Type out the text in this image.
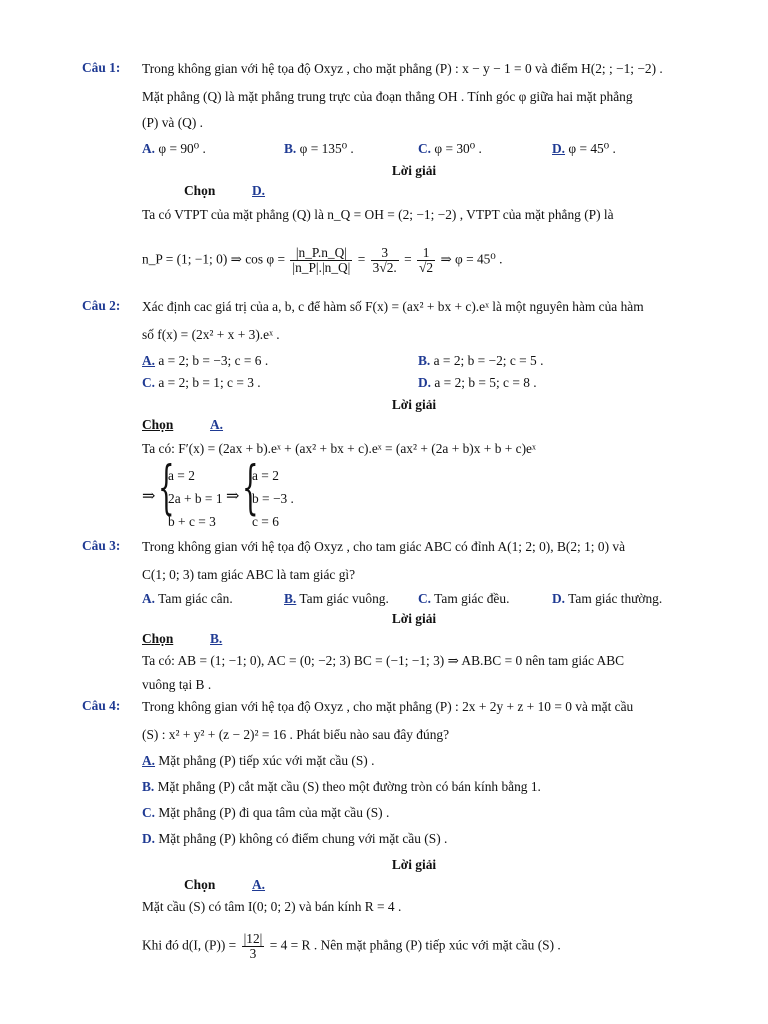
Câu 1: Trong không gian với hệ tọa độ Oxyz , cho mặt phẳng (P) : x − y − 1 = 0 và điểm H(2; ; −1; −2) .
Mặt phẳng (Q) là mặt phẳng trung trực của đoạn thẳng OH . Tính góc φ giữa hai mặt phẳng
(P) và (Q) .
A. φ = 90⁰ .	B. φ = 135⁰ .	C. φ = 30⁰ .	D. φ = 45⁰ .
Lời giải
Chọn	D.
Ta có VTPT của mặt phẳng (Q) là n_Q = OH = (2; −1; −2) , VTPT của mặt phẳng (P) là
n_P = (1; −1; 0) ⇒ $\cos \varphi = \frac{|n\_P.n\_Q|}{|n\_P|.|n\_Q|} = \frac{3}{3√2.} = \frac{1}{√2}$ ⇒ φ = 45⁰ .
Câu 2: Xác định cac giá trị của a, b, c để hàm số F(x) = (ax² + bx + c).eˣ là một nguyên hàm của hàm
số f(x) = (2x² + x + 3).eˣ .
A. a = 2; b = −3; c = 6 .	B. a = 2; b = −2; c = 5 .
C. a = 2; b = 1; c = 3 .	D. a = 2; b = 5; c = 8 .
Lời giải
Chọn	A.
Ta có: F′(x) = (2ax + b).eˣ + (ax² + bx + c).eˣ = (ax² + (2a + b)x + b + c)eˣ
⇒ {
a = 2
2a + b = 1
b + c = 3
⇒ {
a = 2
b = −3 .
c = 6
Câu 3: Trong không gian với hệ tọa độ Oxyz , cho tam giác ABC có đỉnh A(1; 2; 0), B(2; 1; 0) và
C(1; 0; 3) tam giác ABC là tam giác gì?
A. Tam giác cân.	B. Tam giác vuông. C. Tam giác đều.	D. Tam giác thường.
Lời giải
Chọn	B.
Ta có: AB = (1; −1; 0), AC = (0; −2; 3) BC = (−1; −1; 3) ⇒ AB.BC = 0 nên tam giác ABC
vuông tại B .
Câu 4: Trong không gian với hệ tọa độ Oxyz , cho mặt phẳng (P) : 2x + 2y + z + 10 = 0 và mặt cầu
(S) : x² + y² + (z − 2)² = 16 . Phát biểu nào sau đây đúng?
A. Mặt phẳng (P) tiếp xúc với mặt cầu (S) .
B. Mặt phẳng (P) cắt mặt cầu (S) theo một đường tròn có bán kính bằng 1.
C. Mặt phẳng (P) đi qua tâm của mặt cầu (S) .
D. Mặt phẳng (P) không có điểm chung với mặt cầu (S) .
Lời giải
Chọn	A.
Mặt cầu (S) có tâm I(0; 0; 2) và bán kính R = 4 .
Khi đó d(I, $(P)) = \frac{|12|}{3} = 4 = R$ . Nên mặt phẳng (P) tiếp xúc với mặt cầu (S) .
